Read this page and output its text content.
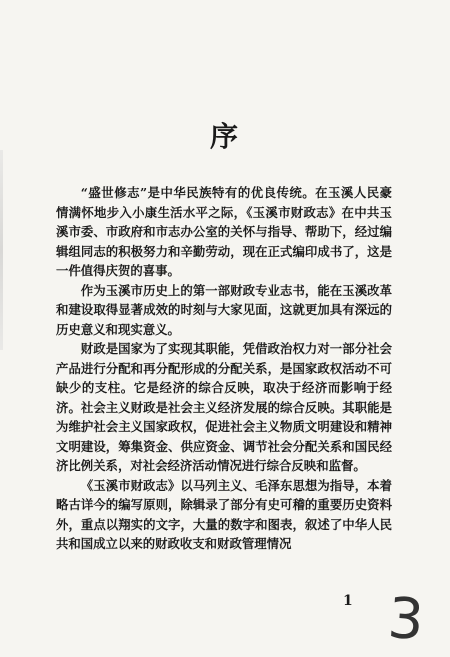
序

“盛世修志”是中华民族特有的优良传统。在玉溪人民豪情满怀地步入小康生活水平之际，《玉溪市财政志》在中共玉溪市委、市政府和市志办公室的关怀与指导、帮助下，经过编辑组同志的积极努力和辛勤劳动，现在正式编印成书了，这是一件值得庆贺的喜事。

作为玉溪市历史上的第一部财政专业志书，能在玉溪改革和建设取得显著成效的时刻与大家见面，这就更加具有深远的历史意义和现实意义。

财政是国家为了实现其职能，凭借政治权力对一部分社会产品进行分配和再分配形成的分配关系，是国家政权活动不可缺少的支柱。它是经济的综合反映，取决于经济而影响于经济。社会主义财政是社会主义经济发展的综合反映。其职能是为维护社会主义国家政权，促进社会主义物质文明建设和精神文明建设，筹集资金、供应资金、调节社会分配关系和国民经济比例关系，对社会经济活动情况进行综合反映和监督。

《玉溪市财政志》以马列主义、毛泽东思想为指导，本着略古详今的编写原则，除辑录了部分有史可稽的重要历史资料外，重点以翔实的文字，大量的数字和图表，叙述了中华人民共和国成立以来的财政收支和财政管理情况

1 3
